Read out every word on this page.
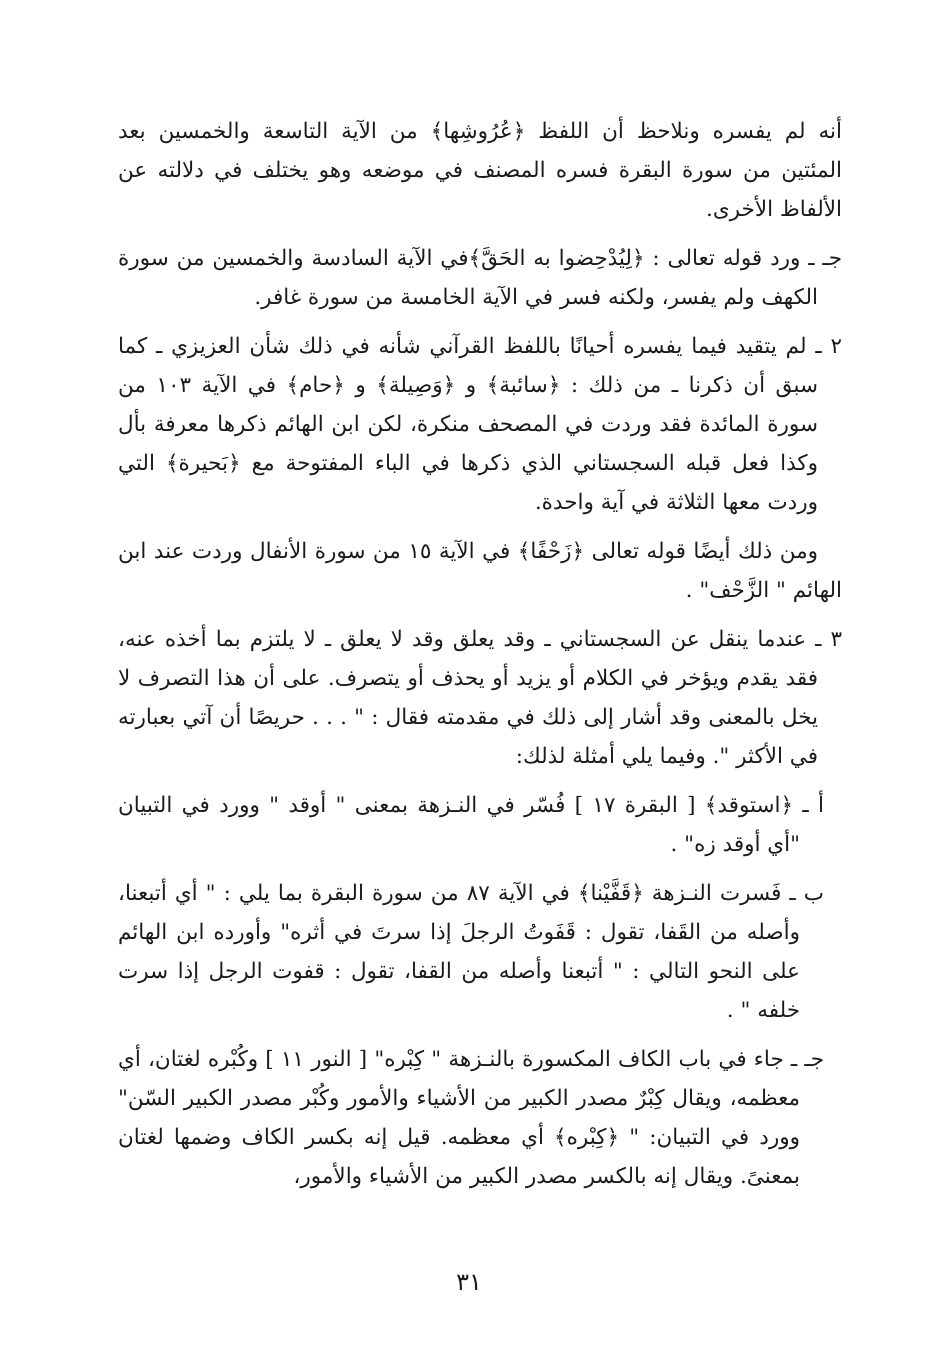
أنه لم يفسره ونلاحظ أن اللفظ ﴿عُرُوشِها﴾ من الآية التاسعة والخمسين بعد المئتين من سورة البقرة فسره المصنف في موضعه وهو يختلف في دلالته عن الألفاظ الأخرى.

جـ ـ ورد قوله تعالى : ﴿لِيُدْحِضوا به الحَقَّ﴾في الآية السادسة والخمسين من سورة الكهف ولم يفسر، ولكنه فسر في الآية الخامسة من سورة غافر.

٢ ـ لم يتقيد فيما يفسره أحيانًا باللفظ القرآني شأنه في ذلك شأن العزيزي ـ كما سبق أن ذكرنا ـ من ذلك : ﴿سائبة﴾ و ﴿وَصِيلة﴾ و ﴿حام﴾ في الآية ١٠٣ من سورة المائدة فقد وردت في المصحف منكرة، لكن ابن الهائم ذكرها معرفة بأل وكذا فعل قبله السجستاني الذي ذكرها في الباء المفتوحة مع ﴿بَحيرة﴾ التي وردت معها الثلاثة في آية واحدة.

ومن ذلك أيضًا قوله تعالى ﴿زَحْفًا﴾ في الآية ١٥ من سورة الأنفال وردت عند ابن الهائم " الزَّحْف" .

٣ ـ عندما ينقل عن السجستاني ـ وقد يعلق وقد لا يعلق ـ لا يلتزم بما أخذه عنه، فقد يقدم ويؤخر في الكلام أو يزيد أو يحذف أو يتصرف. على أن هذا التصرف لا يخل بالمعنى وقد أشار إلى ذلك في مقدمته فقال : " . . . حريصًا أن آتي بعبارته في الأكثر ". وفيما يلي أمثلة لذلك:

أ ـ ﴿استوقد﴾ [ البقرة ١٧ ] فُسّر في النـزهة بمعنى " أوقد " وورد في التبيان "أي أوقد زه" .

ب ـ فَسرت النـزهة ﴿قَفَّيْنا﴾ في الآية ٨٧ من سورة البقرة بما يلي : " أي أتبعنا، وأصله من القَفا، تقول : قَفَوتُ الرجلَ إذا سرتَ في أثره" وأورده ابن الهائم على النحو التالي : " أتبعنا وأصله من القفا، تقول : قفوت الرجل إذا سرت خلفه " .

جـ ـ جاء في باب الكاف المكسورة بالنـزهة " كِبْره" [ النور ١١ ] وكُبْره لغتان، أي معظمه، ويقال كِبْرٌ مصدر الكبير من الأشياء والأمور وكُبْر مصدر الكبير السّن" وورد في التبيان: " ﴿كِبْره﴾ أي معظمه. قيل إنه بكسر الكاف وضمها لغتان بمعنىً. ويقال إنه بالكسر مصدر الكبير من الأشياء والأمور،

٣١
